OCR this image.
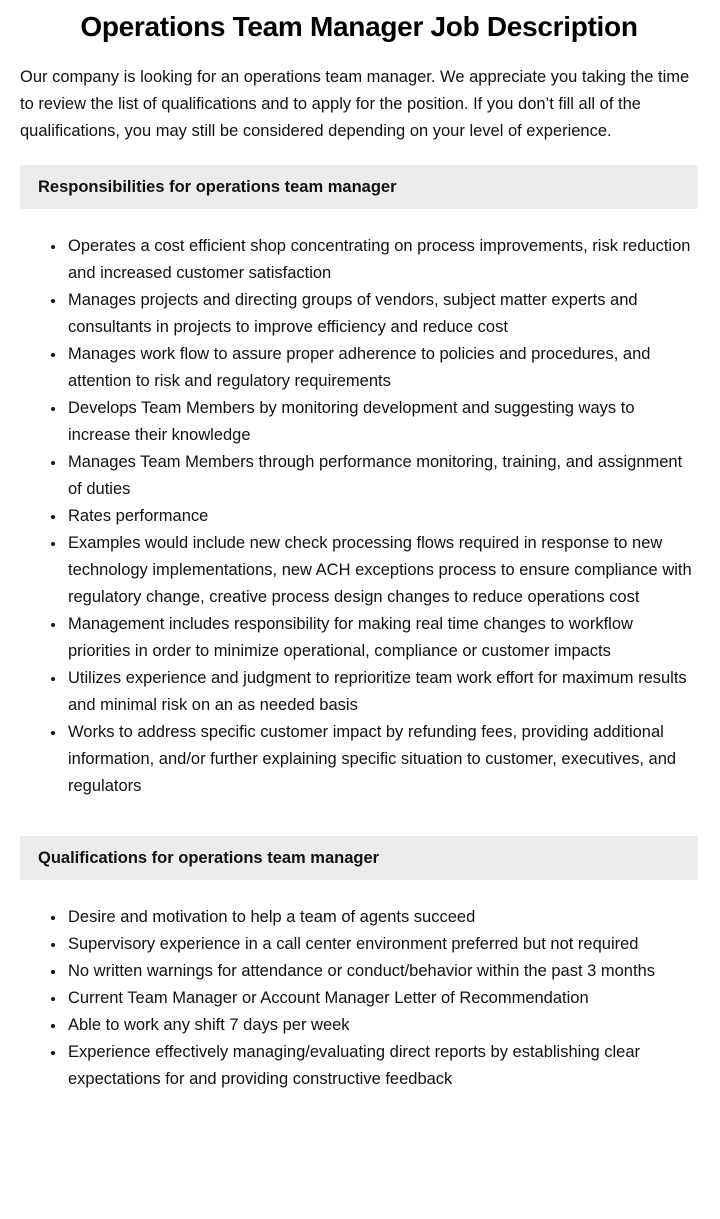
Operations Team Manager Job Description

Our company is looking for an operations team manager. We appreciate you taking the time to review the list of qualifications and to apply for the position. If you don’t fill all of the qualifications, you may still be considered depending on your level of experience.

Responsibilities for operations team manager
• Operates a cost efficient shop concentrating on process improvements, risk reduction and increased customer satisfaction
• Manages projects and directing groups of vendors, subject matter experts and consultants in projects to improve efficiency and reduce cost
• Manages work flow to assure proper adherence to policies and procedures, and attention to risk and regulatory requirements
• Develops Team Members by monitoring development and suggesting ways to increase their knowledge
• Manages Team Members through performance monitoring, training, and assignment of duties
• Rates performance
• Examples would include new check processing flows required in response to new technology implementations, new ACH exceptions process to ensure compliance with regulatory change, creative process design changes to reduce operations cost
• Management includes responsibility for making real time changes to workflow priorities in order to minimize operational, compliance or customer impacts
• Utilizes experience and judgment to reprioritize team work effort for maximum results and minimal risk on an as needed basis
• Works to address specific customer impact by refunding fees, providing additional information, and/or further explaining specific situation to customer, executives, and regulators
Qualifications for operations team manager
• Desire and motivation to help a team of agents succeed
• Supervisory experience in a call center environment preferred but not required
• No written warnings for attendance or conduct/behavior within the past 3 months
• Current Team Manager or Account Manager Letter of Recommendation
• Able to work any shift 7 days per week
• Experience effectively managing/evaluating direct reports by establishing clear expectations for and providing constructive feedback
